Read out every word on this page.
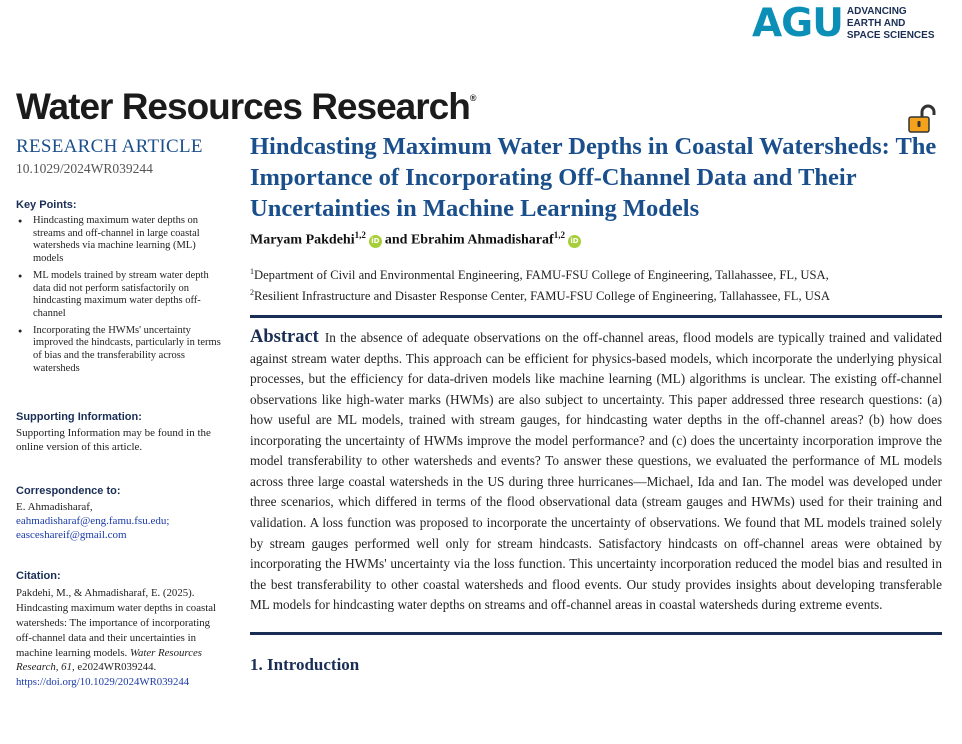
AGU ADVANCING
EARTH AND
SPACE SCIENCES
Water Resources Research®
RESEARCH ARTICLE
10.1029/2024WR039244
Key Points:
● Hindcasting maximum water depths on streams and off-channel in large coastal watersheds via machine learning (ML) models
● ML models trained by stream water depth data did not perform satisfactorily on hindcasting maximum water depths off-channel
● Incorporating the HWMs' uncertainty improved the hindcasts, particularly in terms of bias and the transferability across watersheds
Supporting Information:
Supporting Information may be found in the online version of this article.
Correspondence to:
E. Ahmadisharaf,
eahmadisharaf@eng.famu.fsu.edu;
easceshareif@gmail.com
Citation:
Pakdehi, M., & Ahmadisharaf, E. (2025). Hindcasting maximum water depths in coastal watersheds: The importance of incorporating off-channel data and their uncertainties in machine learning models. Water Resources Research, 61, e2024WR039244. https://doi.org/10.1029/2024WR039244
Hindcasting Maximum Water Depths in Coastal Watersheds: The Importance of Incorporating Off-Channel Data and Their Uncertainties in Machine Learning Models
Maryam Pakdehi$^{1,2}$iD and Ebrahim Ahmadisharaf$^{1,2}$iD
$^1$Department of Civil and Environmental Engineering, FAMU-FSU College of Engineering, Tallahassee, FL, USA,
$^2$Resilient Infrastructure and Disaster Response Center, FAMU-FSU College of Engineering, Tallahassee, FL, USA
Abstract In the absence of adequate observations on the off-channel areas, flood models are typically trained and validated against stream water depths. This approach can be efficient for physics-based models, which incorporate the underlying physical processes, but the efficiency for data-driven models like machine learning (ML) algorithms is unclear. The existing off-channel observations like high-water marks (HWMs) are also subject to uncertainty. This paper addressed three research questions: (a) how useful are ML models, trained with stream gauges, for hindcasting water depths in the off-channel areas? (b) how does incorporating the uncertainty of HWMs improve the model performance? and (c) does the uncertainty incorporation improve the model transferability to other watersheds and events? To answer these questions, we evaluated the performance of ML models across three large coastal watersheds in the US during three hurricanes—Michael, Ida and Ian. The model was developed under three scenarios, which differed in terms of the flood observational data (stream gauges and HWMs) used for their training and validation. A loss function was proposed to incorporate the uncertainty of observations. We found that ML models trained solely by stream gauges performed well only for stream hindcasts. Satisfactory hindcasts on off-channel areas were obtained by incorporating the HWMs' uncertainty via the loss function. This uncertainty incorporation reduced the model bias and resulted in the best transferability to other coastal watersheds and flood events. Our study provides insights about developing transferable ML models for hindcasting water depths on streams and off-channel areas in coastal watersheds during extreme events.
1. Introduction
